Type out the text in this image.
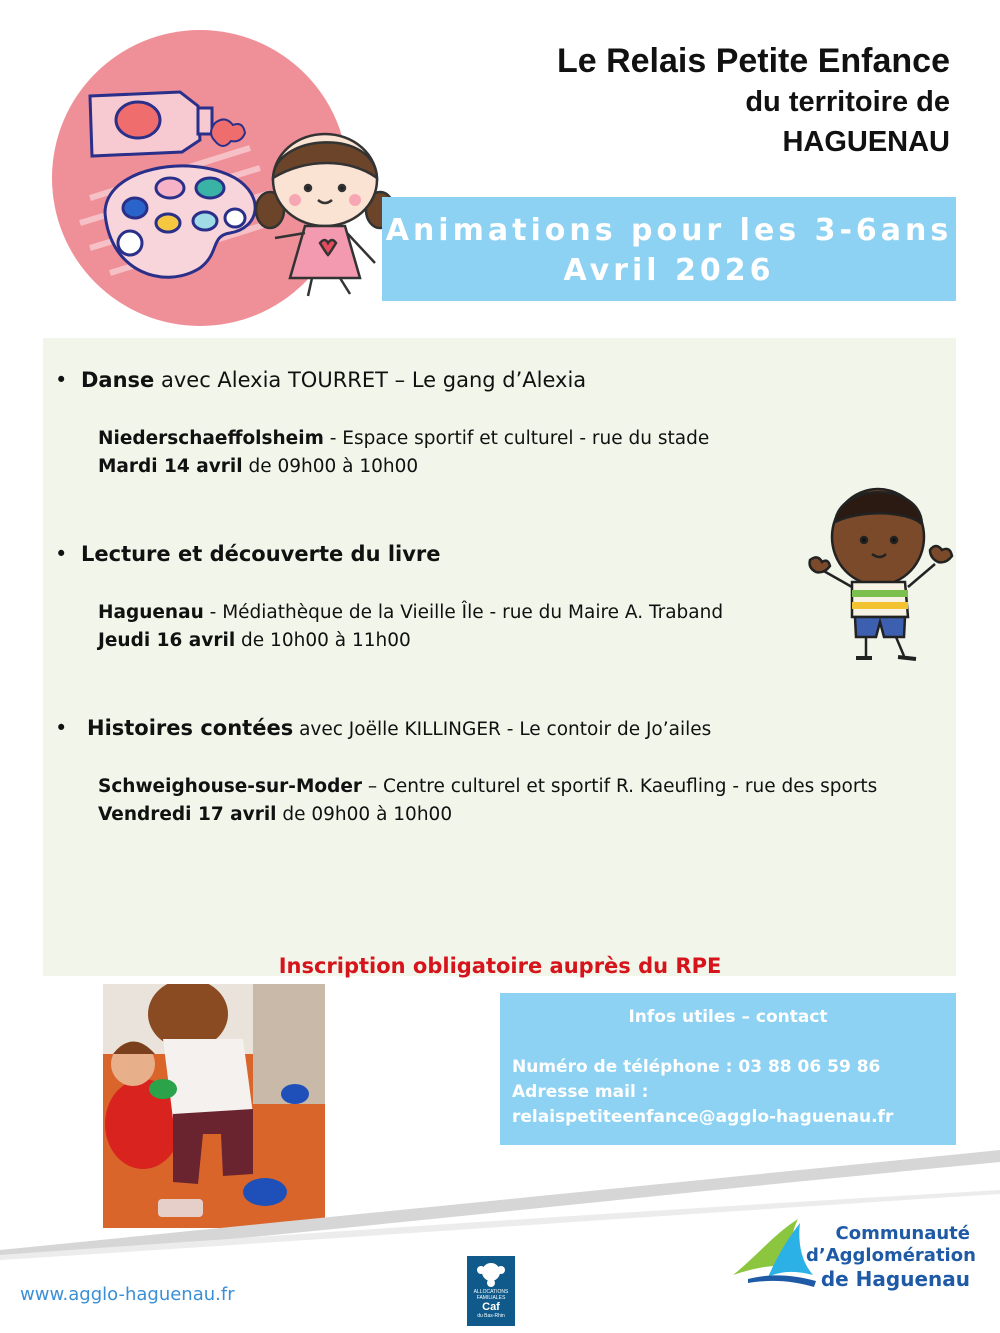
Le Relais Petite Enfance
du territoire de
HAGUENAU
Animations pour les 3-6ans
Avril 2026
• Danse avec Alexia TOURRET – Le gang d’Alexia
Niederschaeffolsheim - Espace sportif et culturel - rue du stade
Mardi 14 avril de 09h00 à 10h00
• Lecture et découverte du livre
Haguenau - Médiathèque de la Vieille Île - rue du Maire A. Traband
Jeudi 16 avril de 10h00 à 11h00
• Histoires contées avec Joëlle KILLINGER - Le contoir de Jo’ailes
Schweighouse-sur-Moder – Centre culturel et sportif R. Kaeufling - rue des sports
Vendredi 17 avril de 09h00 à 10h00
Inscription obligatoire auprès du RPE
Infos utiles – contact
Numéro de téléphone : 03 88 06 59 86
Adresse mail :
relaispetiteenfance@agglo-haguenau.fr
www.agglo-haguenau.fr	ALLOCATIONS FAMILIALES
Caf
du Bas-Rhin
Communauté
d’Agglomération
de Haguenau
